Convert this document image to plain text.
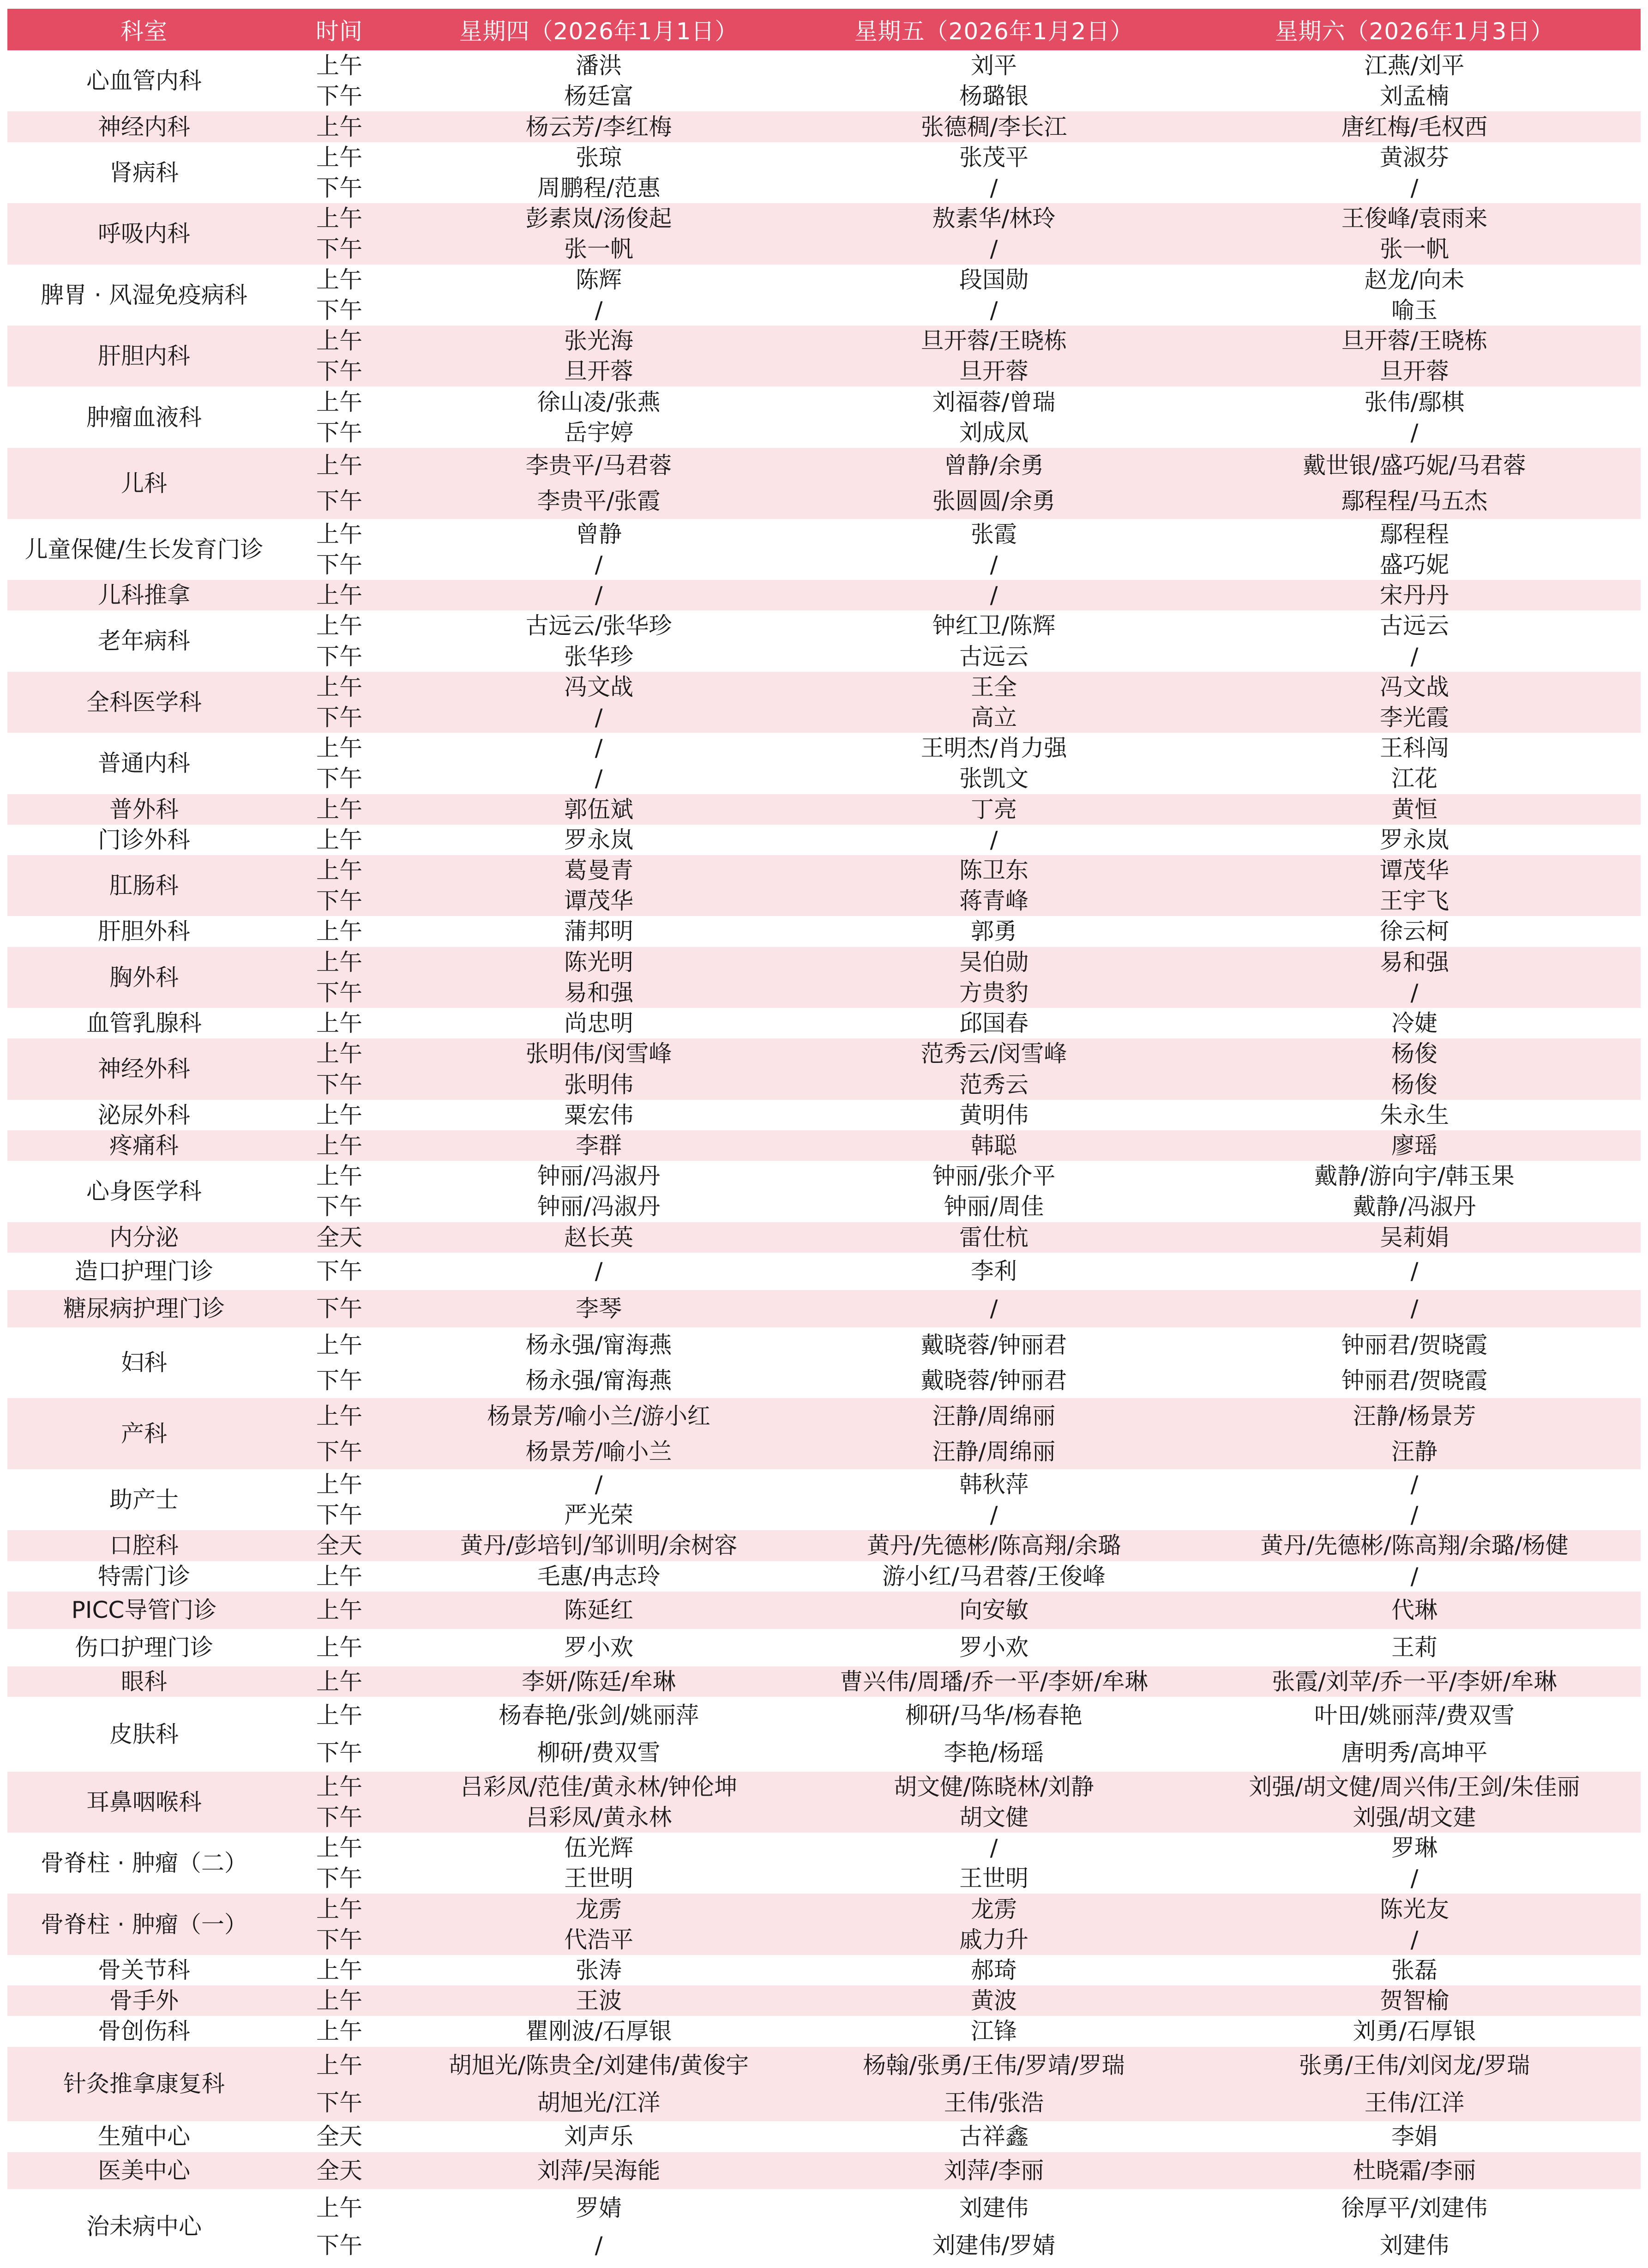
科室	时间	星期四（2026年1月1日）	星期五（2026年1月2日）	星期六（2026年1月3日）
心血管内科	上午	潘洪	刘平	江燕/刘平
	下午	杨廷富	杨璐银	刘孟楠
神经内科	上午	杨云芳/李红梅	张德稠/李长江	唐红梅/毛权西
肾病科	上午	张琼	张茂平	黄淑芬
	下午	周鹏程/范惠	/	/
呼吸内科	上午	彭素岚/汤俊起	敖素华/林玲	王俊峰/袁雨来
	下午	张一帆	/	张一帆
脾胃 · 风湿免疫病科	上午	陈辉	段国勋	赵龙/向未
	下午	/	/	喻玉
肝胆内科	上午	张光海	旦开蓉/王晓栋	旦开蓉/王晓栋
	下午	旦开蓉	旦开蓉	旦开蓉
肿瘤血液科	上午	徐山凌/张燕	刘福蓉/曾瑞	张伟/鄢棋
	下午	岳宇婷	刘成凤	/
儿科	上午	李贵平/马君蓉	曾静/余勇	戴世银/盛巧妮/马君蓉
	下午	李贵平/张霞	张圆圆/余勇	鄢程程/马五杰
儿童保健/生长发育门诊	上午	曾静	张霞	鄢程程
	下午	/	/	盛巧妮
儿科推拿	上午	/	/	宋丹丹
老年病科	上午	古远云/张华珍	钟红卫/陈辉	古远云
	下午	张华珍	古远云	/
全科医学科	上午	冯文战	王全	冯文战
	下午	/	高立	李光霞
普通内科	上午	/	王明杰/肖力强	王科闯
	下午	/	张凯文	江花
普外科	上午	郭伍斌	丁亮	黄恒
门诊外科	上午	罗永岚	/	罗永岚
肛肠科	上午	葛曼青	陈卫东	谭茂华
	下午	谭茂华	蒋青峰	王宇飞
肝胆外科	上午	蒲邦明	郭勇	徐云柯
胸外科	上午	陈光明	吴伯勋	易和强
	下午	易和强	方贵豹	/
血管乳腺科	上午	尚忠明	邱国春	冷婕
神经外科	上午	张明伟/闵雪峰	范秀云/闵雪峰	杨俊
	下午	张明伟	范秀云	杨俊
泌尿外科	上午	粟宏伟	黄明伟	朱永生
疼痛科	上午	李群	韩聪	廖瑶
心身医学科	上午	钟丽/冯淑丹	钟丽/张介平	戴静/游向宇/韩玉果
	下午	钟丽/冯淑丹	钟丽/周佳	戴静/冯淑丹
内分泌	全天	赵长英	雷仕杭	吴莉娟
造口护理门诊	下午	/	李利	/
糖尿病护理门诊	下午	李琴	/	/
妇科	上午	杨永强/甯海燕	戴晓蓉/钟丽君	钟丽君/贺晓霞
	下午	杨永强/甯海燕	戴晓蓉/钟丽君	钟丽君/贺晓霞
产科	上午	杨景芳/喻小兰/游小红	汪静/周绵丽	汪静/杨景芳
	下午	杨景芳/喻小兰	汪静/周绵丽	汪静
助产士	上午	/	韩秋萍	/
	下午	严光荣	/	/
口腔科	全天	黄丹/彭培钊/邹训明/余树容	黄丹/先德彬/陈高翔/余璐	黄丹/先德彬/陈高翔/余璐/杨健
特需门诊	上午	毛惠/冉志玲	游小红/马君蓉/王俊峰	/
PICC导管门诊	上午	陈延红	向安敏	代琳
伤口护理门诊	上午	罗小欢	罗小欢	王莉
眼科	上午	李妍/陈廷/牟琳	曹兴伟/周璠/乔一平/李妍/牟琳	张霞/刘苹/乔一平/李妍/牟琳
皮肤科	上午	杨春艳/张剑/姚丽萍	柳研/马华/杨春艳	叶田/姚丽萍/费双雪
	下午	柳研/费双雪	李艳/杨瑶	唐明秀/高坤平
耳鼻咽喉科	上午	吕彩凤/范佳/黄永林/钟伦坤	胡文健/陈晓林/刘静	刘强/胡文健/周兴伟/王剑/朱佳丽
	下午	吕彩凤/黄永林	胡文健	刘强/胡文建
骨脊柱 · 肿瘤（二）	上午	伍光辉	/	罗琳
	下午	王世明	王世明	/
骨脊柱 · 肿瘤（一）	上午	龙雳	龙雳	陈光友
	下午	代浩平	戚力升	/
骨关节科	上午	张涛	郝琦	张磊
骨手外	上午	王波	黄波	贺智榆
骨创伤科	上午	瞿刚波/石厚银	江锋	刘勇/石厚银
针灸推拿康复科	上午	胡旭光/陈贵全/刘建伟/黄俊宇	杨翰/张勇/王伟/罗靖/罗瑞	张勇/王伟/刘闵龙/罗瑞
	下午	胡旭光/江洋	王伟/张浩	王伟/江洋
生殖中心	全天	刘声乐	古祥鑫	李娟
医美中心	全天	刘萍/吴海能	刘萍/李丽	杜晓霜/李丽
治未病中心	上午	罗婧	刘建伟	徐厚平/刘建伟
	下午	/	刘建伟/罗婧	刘建伟
